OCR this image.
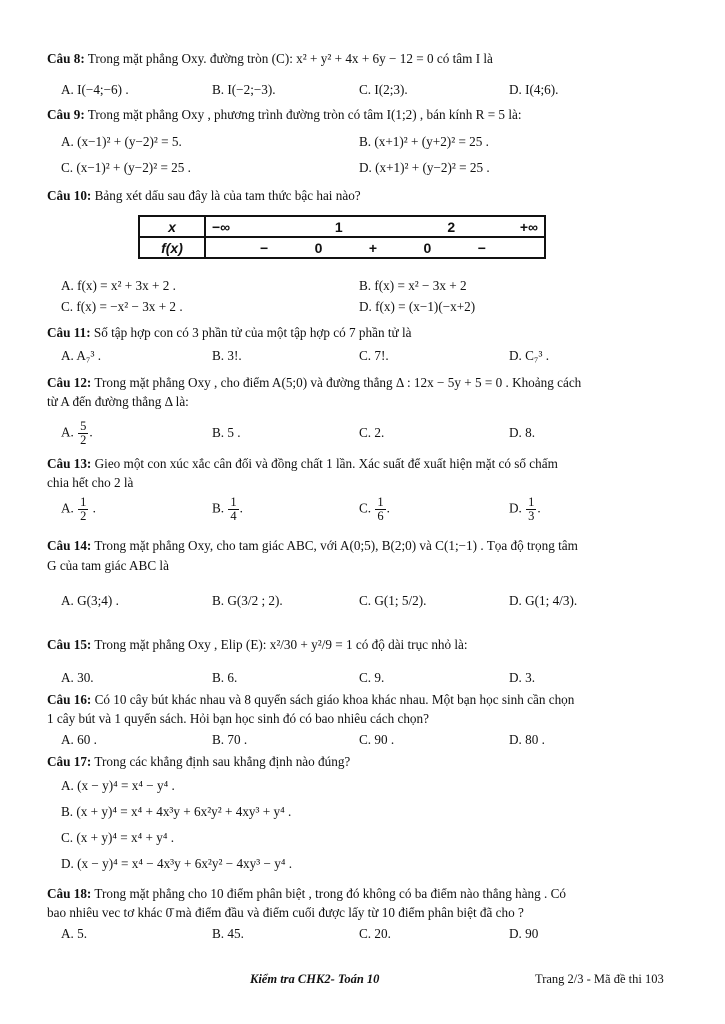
Câu 8: Trong mặt phẳng Oxy. đường tròn (C): x² + y² + 4x + 6y − 12 = 0 có tâm I là
A. I(−4;−6) .	B. I(−2;−3).	C. I(2;3).	D. I(4;6).
Câu 9: Trong mặt phẳng Oxy , phương trình đường tròn có tâm I(1;2) , bán kính R = 5 là:
A. (x−1)² + (y−2)² = 5.	B. (x+1)² + (y+2)² = 25 .
C. (x−1)² + (y−2)² = 25 .	D. (x+1)² + (y−2)² = 25 .
Câu 10: Bảng xét dấu sau đây là của tam thức bậc hai nào?
x	−∞ 1 2 +∞

f(x)	− 0 + 0 −
A. f(x) = x² + 3x + 2 .	B. f(x) = x² − 3x + 2
C. f(x) = −x² − 3x + 2 .	D. f(x) = (x−1)(−x+2)
Câu 11: Số tập hợp con có 3 phần tử của một tập hợp có 7 phần tử là
A. A₇³ .	B. 3!.	C. 7!.	D. C₇³ .
Câu 12: Trong mặt phẳng Oxy , cho điểm A(5;0) và đường thẳng Δ : 12x − 5y + 5 = 0 . Khoảng cách
từ A đến đường thẳng Δ là:
A. $\frac{5}{2}$ .	B. 5 .	C. 2.	D. 8.
Câu 13: Gieo một con xúc xắc cân đối và đồng chất 1 lần. Xác suất để xuất hiện mặt có số chấm
chia hết cho 2 là
A. $\frac{1}{2}$ .	B. $\frac{1}{4}$ .	C. $\frac{1}{6}$ .	D. $\frac{1}{3}$ .
Câu 14: Trong mặt phẳng Oxy, cho tam giác ABC, với A(0;5), B(2;0) và C(1;−1) . Tọa độ trọng tâm
G của tam giác ABC là
A. G(3;4) .	B. G(3/2 ; 2).	C. G(1; 5/2).	D. G(1; 4/3).
Câu 15: Trong mặt phẳng Oxy , Elip (E): x²/30 + y²/9 = 1 có độ dài trục nhỏ là:
A. 30.	B. 6.	C. 9.	D. 3.
Câu 16: Có 10 cây bút khác nhau và 8 quyển sách giáo khoa khác nhau. Một bạn học sinh cần chọn
1 cây bút và 1 quyển sách. Hỏi bạn học sinh đó có bao nhiêu cách chọn?
A. 60 .	B. 70 .	C. 90 .	D. 80 .
Câu 17: Trong các khẳng định sau khẳng định nào đúng?
A. (x − y)⁴ = x⁴ − y⁴ .
B. (x + y)⁴ = x⁴ + 4x³y + 6x²y² + 4xy³ + y⁴ .
C. (x + y)⁴ = x⁴ + y⁴ .
D. (x − y)⁴ = x⁴ − 4x³y + 6x²y² − 4xy³ − y⁴ .
Câu 18: Trong mặt phẳng cho 10 điểm phân biệt , trong đó không có ba điểm nào thẳng hàng . Có
bao nhiêu vec tơ khác 0̄ mà điểm đầu và điểm cuối được lấy từ 10 điểm phân biệt đã cho ?
A. 5.	B. 45.	C. 20.	D. 90
Kiểm tra CHK2- Toán 10	Trang 2/3 - Mã đề thi 103
